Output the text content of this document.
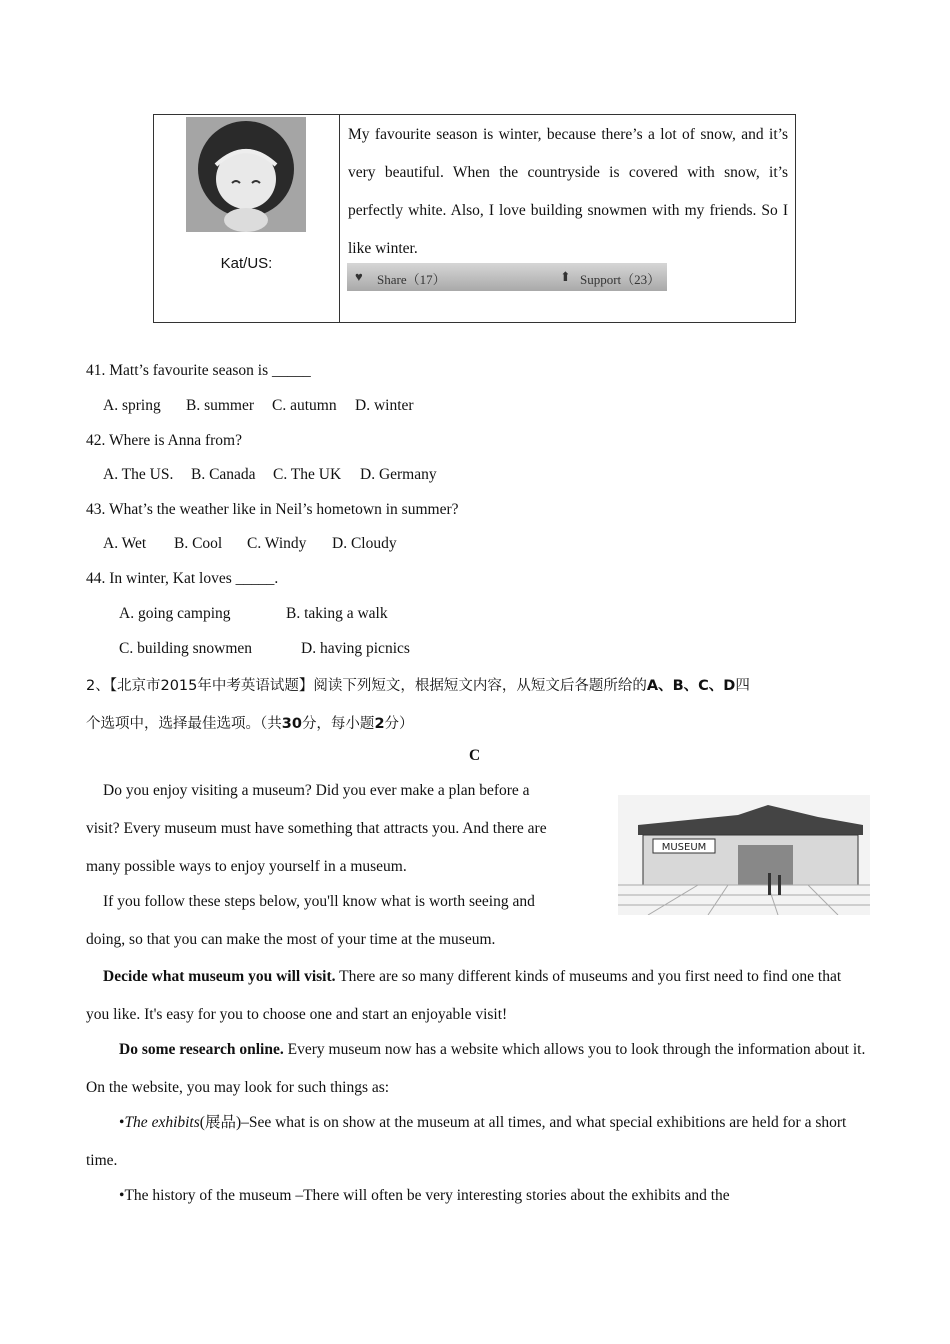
Kat/US:
My favourite season is winter, because there’s a lot of snow, and it’s very beautiful. When the countryside is covered with snow, it’s perfectly white. Also, I love building snowmen with my friends. So I like winter.
♥ Share（17）	⬆ Support（23）
41. Matt’s favourite season is _____
A. spring B. summer C. autumn D. winter
42. Where is Anna from?
A. The US. B. Canada C. The UK D. Germany
43. What’s the weather like in Neil’s hometown in summer?
A. Wet B. Cool C. Windy D. Cloudy
44. In winter, Kat loves _____.
A. going camping	B. taking a walk
C. building snowmen	D. having picnics
2、【北京市2015年中考英语试题】阅读下列短文，根据短文内容，从短文后各题所给的A、B、C、D四
个选项中，选择最佳选项。（共30分，每小题2分）
C
Do you enjoy visiting a museum? Did you ever make a plan before a
visit? Every museum must have something that attracts you. And there are
many possible ways to enjoy yourself in a museum.
If you follow these steps below, you'll know what is worth seeing and
doing, so that you can make the most of your time at the museum.
MUSEUM
Decide what museum you will visit. There are so many different kinds of museums and you first need to find one that you like. It's easy for you to choose one and start an enjoyable visit!
Do some research online. Every museum now has a website which allows you to look through the information about it. On the website, you may look for such things as:
•The exhibits(展品)–See what is on show at the museum at all times, and what special exhibitions are held for a short time.
•The history of the museum –There will often be very interesting stories about the exhibits and the
